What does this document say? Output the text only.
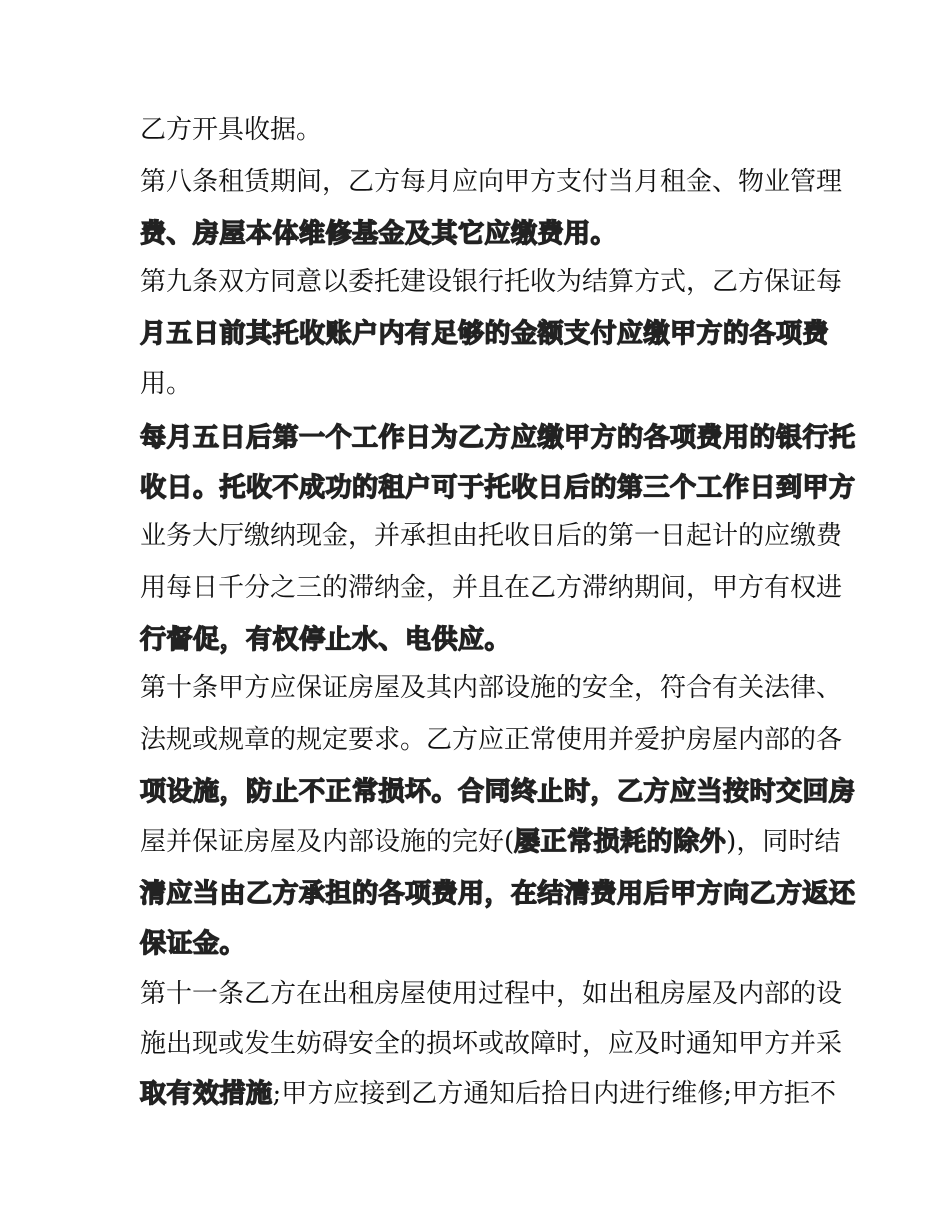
乙方开具收据。
第八条租赁期间，乙方每月应向甲方支付当月租金、物业管理
费、房屋本体维修基金及其它应缴费用。
第九条双方同意以委托建设银行托收为结算方式，乙方保证每
月五日前其托收账户内有足够的金额支付应缴甲方的各项费
用。
每月五日后第一个工作日为乙方应缴甲方的各项费用的银行托
收日。托收不成功的租户可于托收日后的第三个工作日到甲方
业务大厅缴纳现金，并承担由托收日后的第一日起计的应缴费
用每日千分之三的滞纳金，并且在乙方滞纳期间，甲方有权进
行督促，有权停止水、电供应。
第十条甲方应保证房屋及其内部设施的安全，符合有关法律、
法规或规章的规定要求。乙方应正常使用并爱护房屋内部的各
项设施，防止不正常损坏。合同终止时，乙方应当按时交回房
屋并保证房屋及内部设施的完好(屡正常损耗的除外)，同时结
清应当由乙方承担的各项费用，在结清费用后甲方向乙方返还
保证金。
第十一条乙方在出租房屋使用过程中，如出租房屋及内部的设
施出现或发生妨碍安全的损坏或故障时，应及时通知甲方并采
取有效措施;甲方应接到乙方通知后拾日内进行维修;甲方拒不
